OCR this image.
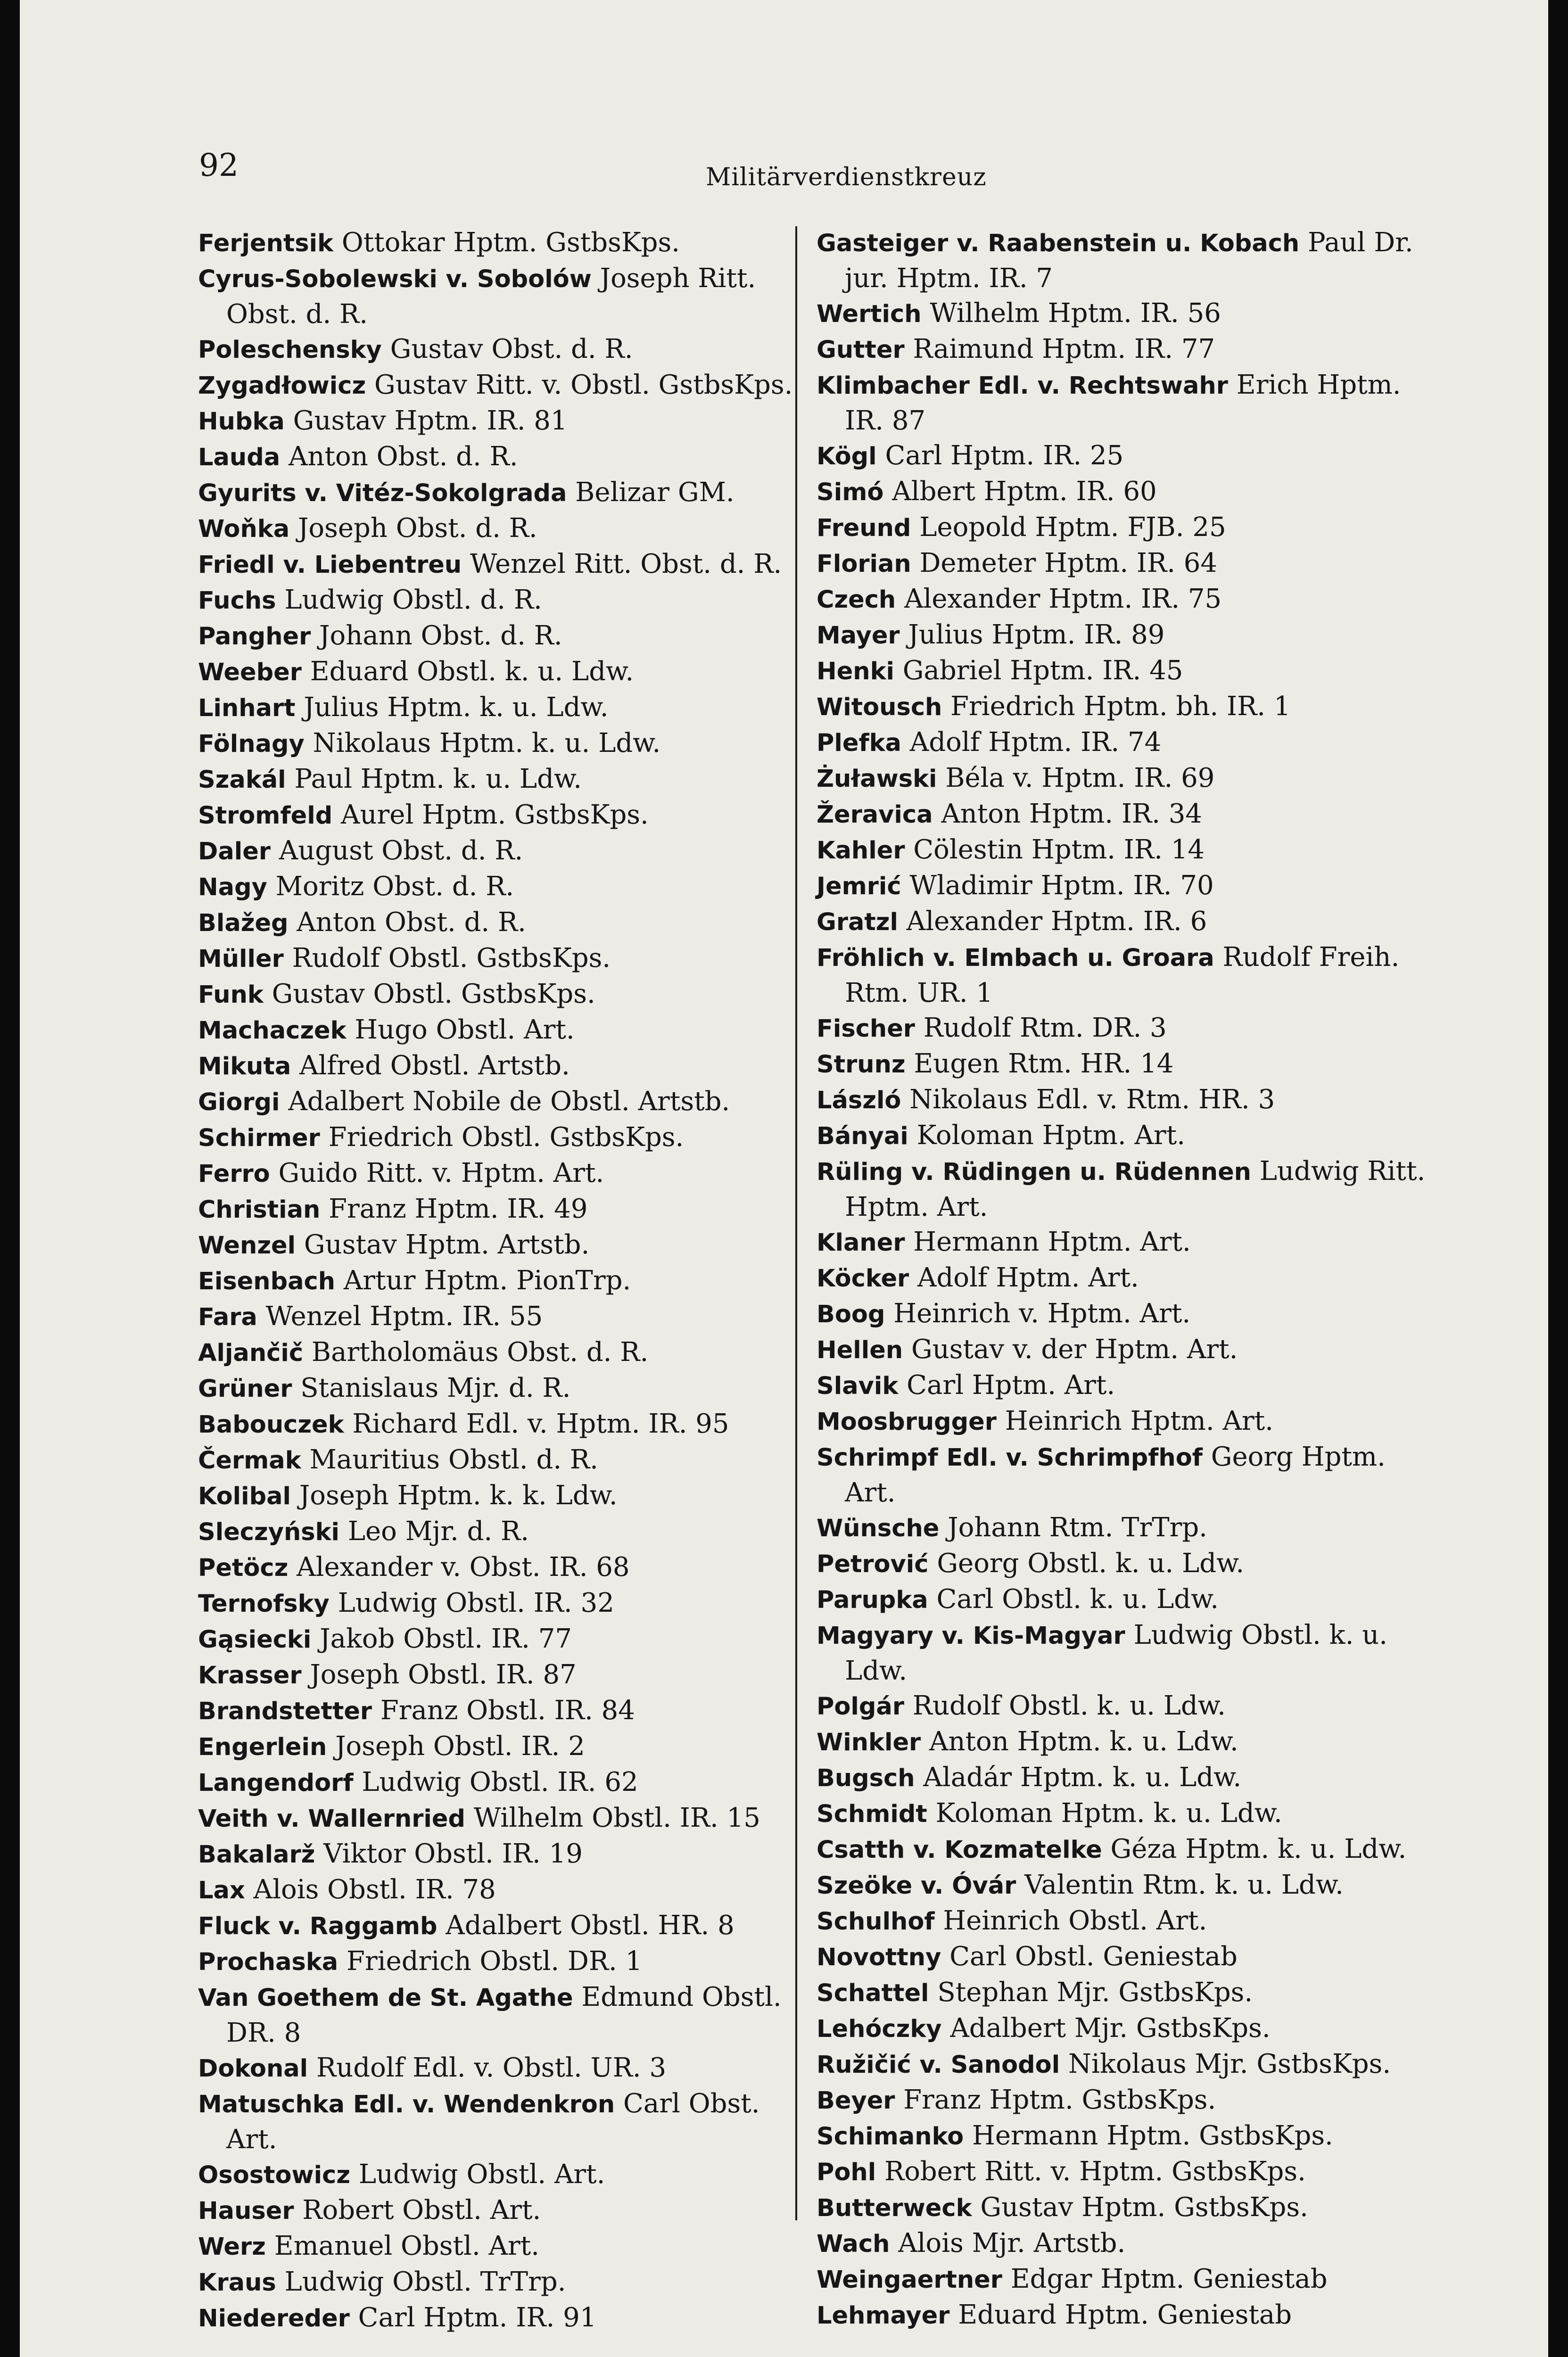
92	Militärverdienstkreuz
Ferjentsik Ottokar Hptm. GstbsKps.
Cyrus-Sobolewski v. Sobolów Joseph Ritt. Obst. d. R.
Poleschensky Gustav Obst. d. R.
Zygadłowicz Gustav Ritt. v. Obstl. GstbsKps.
Hubka Gustav Hptm. IR. 81
Lauda Anton Obst. d. R.
Gyurits v. Vitéz-Sokolgrada Belizar GM.
Woňka Joseph Obst. d. R.
Friedl v. Liebentreu Wenzel Ritt. Obst. d. R.
Fuchs Ludwig Obstl. d. R.
Pangher Johann Obst. d. R.
Weeber Eduard Obstl. k. u. Ldw.
Linhart Julius Hptm. k. u. Ldw.
Fölnagy Nikolaus Hptm. k. u. Ldw.
Szakál Paul Hptm. k. u. Ldw.
Stromfeld Aurel Hptm. GstbsKps.
Daler August Obst. d. R.
Nagy Moritz Obst. d. R.
Blažeg Anton Obst. d. R.
Müller Rudolf Obstl. GstbsKps.
Funk Gustav Obstl. GstbsKps.
Machaczek Hugo Obstl. Art.
Mikuta Alfred Obstl. Artstb.
Giorgi Adalbert Nobile de Obstl. Artstb.
Schirmer Friedrich Obstl. GstbsKps.
Ferro Guido Ritt. v. Hptm. Art.
Christian Franz Hptm. IR. 49
Wenzel Gustav Hptm. Artstb.
Eisenbach Artur Hptm. PionTrp.
Fara Wenzel Hptm. IR. 55
Aljančič Bartholomäus Obst. d. R.
Grüner Stanislaus Mjr. d. R.
Babouczek Richard Edl. v. Hptm. IR. 95
Čermak Mauritius Obstl. d. R.
Kolibal Joseph Hptm. k. k. Ldw.
Sleczyński Leo Mjr. d. R.
Petöcz Alexander v. Obst. IR. 68
Ternofsky Ludwig Obstl. IR. 32
Gąsiecki Jakob Obstl. IR. 77
Krasser Joseph Obstl. IR. 87
Brandstetter Franz Obstl. IR. 84
Engerlein Joseph Obstl. IR. 2
Langendorf Ludwig Obstl. IR. 62
Veith v. Wallernried Wilhelm Obstl. IR. 15
Bakalarž Viktor Obstl. IR. 19
Lax Alois Obstl. IR. 78
Fluck v. Raggamb Adalbert Obstl. HR. 8
Prochaska Friedrich Obstl. DR. 1
Van Goethem de St. Agathe Edmund Obstl. DR. 8
Dokonal Rudolf Edl. v. Obstl. UR. 3
Matuschka Edl. v. Wendenkron Carl Obst. Art.
Osostowicz Ludwig Obstl. Art.
Hauser Robert Obstl. Art.
Werz Emanuel Obstl. Art.
Kraus Ludwig Obstl. TrTrp.
Niedereder Carl Hptm. IR. 91
Gasteiger v. Raabenstein u. Kobach Paul Dr. jur. Hptm. IR. 7
Wertich Wilhelm Hptm. IR. 56
Gutter Raimund Hptm. IR. 77
Klimbacher Edl. v. Rechtswahr Erich Hptm. IR. 87
Kögl Carl Hptm. IR. 25
Simó Albert Hptm. IR. 60
Freund Leopold Hptm. FJB. 25
Florian Demeter Hptm. IR. 64
Czech Alexander Hptm. IR. 75
Mayer Julius Hptm. IR. 89
Henki Gabriel Hptm. IR. 45
Witousch Friedrich Hptm. bh. IR. 1
Plefka Adolf Hptm. IR. 74
Żuławski Béla v. Hptm. IR. 69
Žeravica Anton Hptm. IR. 34
Kahler Cölestin Hptm. IR. 14
Jemrić Wladimir Hptm. IR. 70
Gratzl Alexander Hptm. IR. 6
Fröhlich v. Elmbach u. Groara Rudolf Freih. Rtm. UR. 1
Fischer Rudolf Rtm. DR. 3
Strunz Eugen Rtm. HR. 14
László Nikolaus Edl. v. Rtm. HR. 3
Bányai Koloman Hptm. Art.
Rüling v. Rüdingen u. Rüdennen Ludwig Ritt. Hptm. Art.
Klaner Hermann Hptm. Art.
Köcker Adolf Hptm. Art.
Boog Heinrich v. Hptm. Art.
Hellen Gustav v. der Hptm. Art.
Slavik Carl Hptm. Art.
Moosbrugger Heinrich Hptm. Art.
Schrimpf Edl. v. Schrimpfhof Georg Hptm. Art.
Wünsche Johann Rtm. TrTrp.
Petrović Georg Obstl. k. u. Ldw.
Parupka Carl Obstl. k. u. Ldw.
Magyary v. Kis-Magyar Ludwig Obstl. k. u. Ldw.
Polgár Rudolf Obstl. k. u. Ldw.
Winkler Anton Hptm. k. u. Ldw.
Bugsch Aladár Hptm. k. u. Ldw.
Schmidt Koloman Hptm. k. u. Ldw.
Csatth v. Kozmatelke Géza Hptm. k. u. Ldw.
Szeöke v. Óvár Valentin Rtm. k. u. Ldw.
Schulhof Heinrich Obstl. Art.
Novottny Carl Obstl. Geniestab
Schattel Stephan Mjr. GstbsKps.
Lehóczky Adalbert Mjr. GstbsKps.
Ružičić v. Sanodol Nikolaus Mjr. GstbsKps.
Beyer Franz Hptm. GstbsKps.
Schimanko Hermann Hptm. GstbsKps.
Pohl Robert Ritt. v. Hptm. GstbsKps.
Butterweck Gustav Hptm. GstbsKps.
Wach Alois Mjr. Artstb.
Weingaertner Edgar Hptm. Geniestab
Lehmayer Eduard Hptm. Geniestab
